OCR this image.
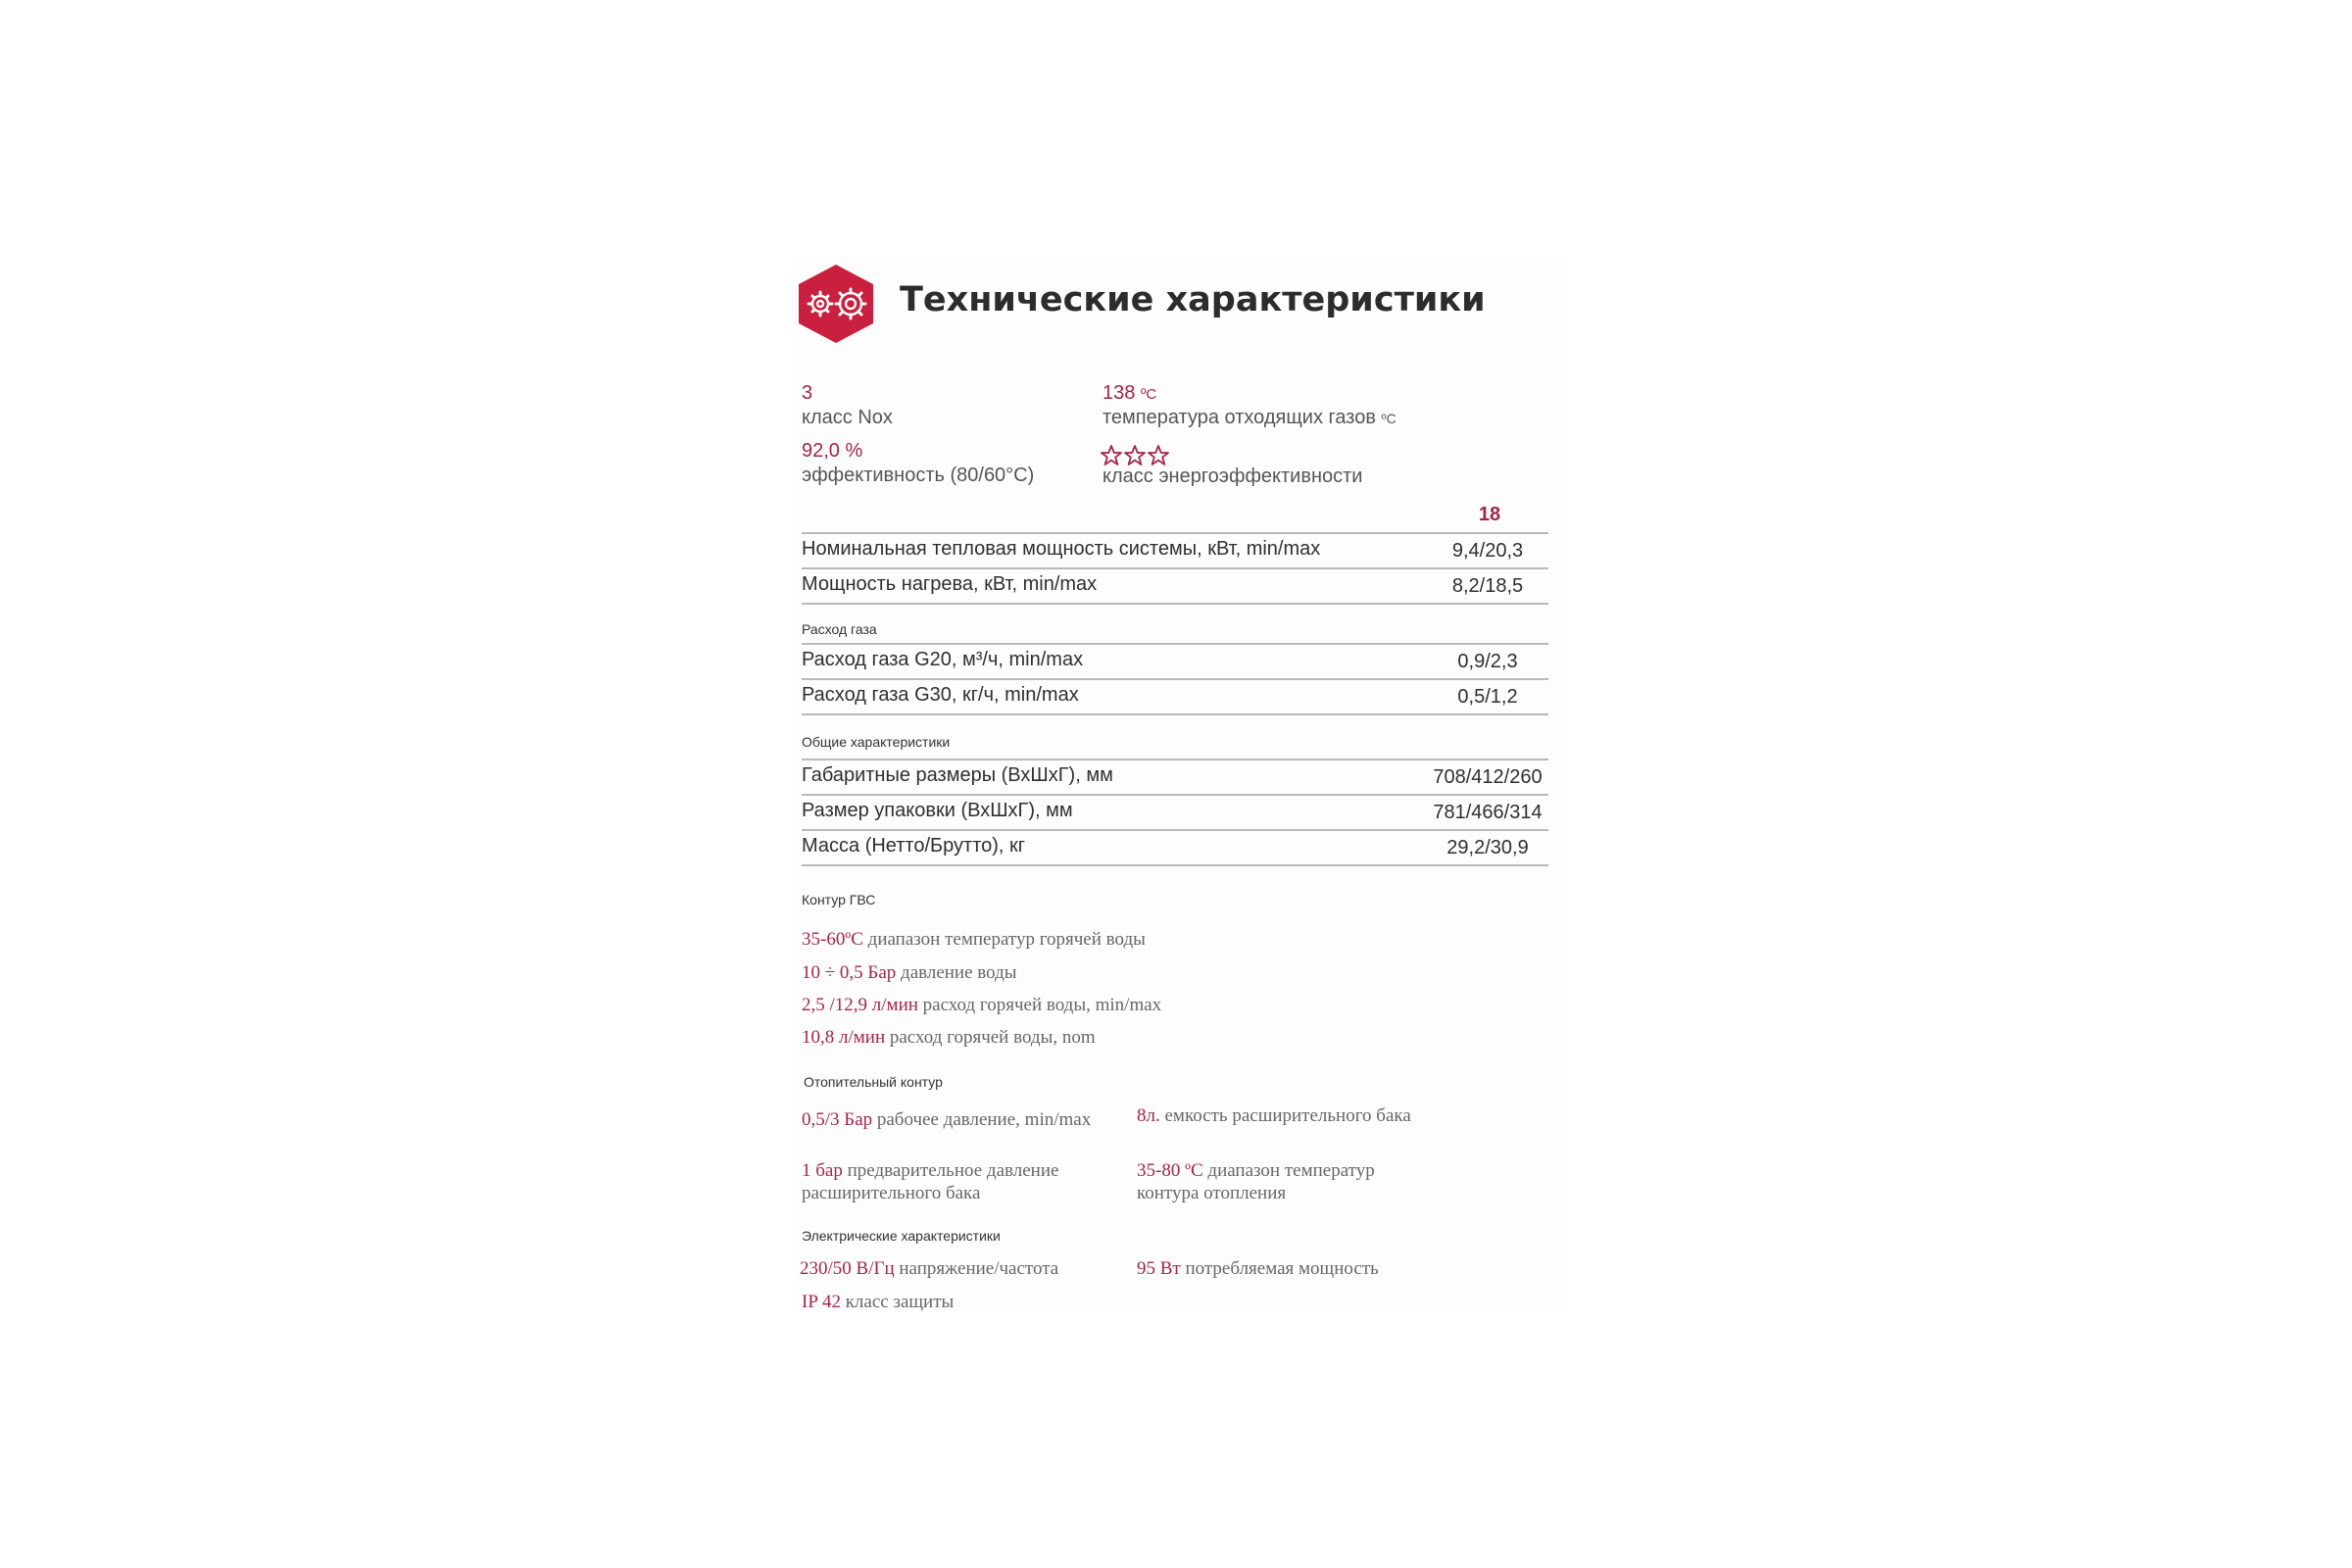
Технические характеристики
3
класс Nox
138 ºC
температура отходящих газов ºC
92,0 %
эффективность (80/60°C)	класс энергоэффективности
18
Номинальная тепловая мощность системы, кВт, min/max	9,4/20,3
Мощность нагрева, кВт, min/max	8,2/18,5
Расход газа
Расход газа G20, м³/ч, min/max	0,9/2,3
Расход газа G30, кг/ч, min/max	0,5/1,2
Общие характеристики
Габаритные размеры (ВхШхГ), мм	708/412/260
Размер упаковки (ВхШхГ), мм	781/466/314
Масса (Нетто/Брутто), кг	29,2/30,9
Контур ГВС
35-60ºC диапазон температур горячей воды
10 ÷ 0,5 Бар давление воды
2,5 /12,9 л/мин расход горячей воды, min/max
10,8 л/мин расход горячей воды, nom
Отопительный контур
0,5/3 Бар рабочее давление, min/max	8л. емкость расширительного бака
1 бар предварительное давление расширительного бака
35-80 ºC диапазон температур контура отопления
Электрические характеристики
230/50 В/Гц напряжение/частота	95 Вт потребляемая мощность
IP 42 класс защиты
